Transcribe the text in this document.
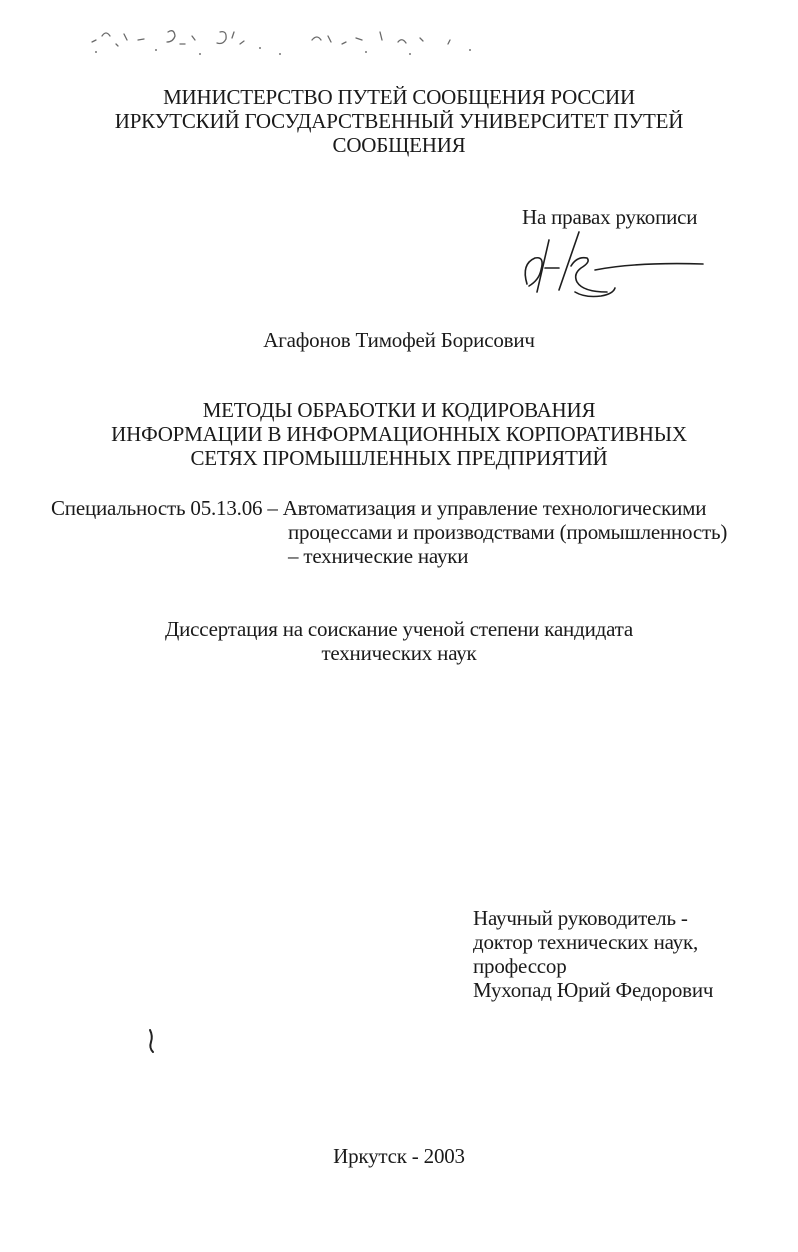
МИНИСТЕРСТВО ПУТЕЙ СООБЩЕНИЯ РОССИИ
ИРКУТСКИЙ ГОСУДАРСТВЕННЫЙ УНИВЕРСИТЕТ ПУТЕЙ
СООБЩЕНИЯ
На правах рукописи
Агафонов Тимофей Борисович
МЕТОДЫ ОБРАБОТКИ И КОДИРОВАНИЯ
ИНФОРМАЦИИ В ИНФОРМАЦИОННЫХ КОРПОРАТИВНЫХ
СЕТЯХ ПРОМЫШЛЕННЫХ ПРЕДПРИЯТИЙ
Специальность 05.13.06 – Автоматизация и управление технологическими
процессами и производствами (промышленность)
– технические науки
Диссертация на соискание ученой степени кандидата
технических наук
Научный руководитель -
доктор технических наук,
профессор
Мухопад Юрий Федорович
Иркутск - 2003
